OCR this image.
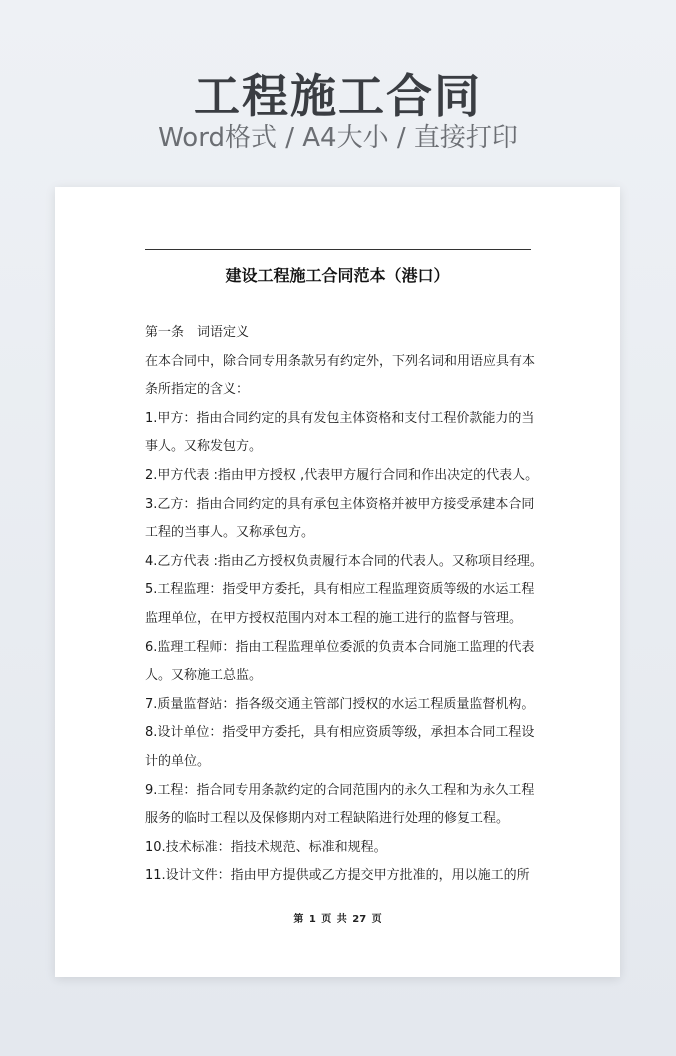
工程施工合同
Word格式 / A4大小 / 直接打印
建设工程施工合同范本（港口）

第一条　词语定义

在本合同中，除合同专用条款另有约定外，下列名词和用语应具有本

条所指定的含义：

1.甲方：指由合同约定的具有发包主体资格和支付工程价款能力的当

事人。又称发包方。

2.甲方代表 :指由甲方授权 ,代表甲方履行合同和作出决定的代表人。

3.乙方：指由合同约定的具有承包主体资格并被甲方接受承建本合同

工程的当事人。又称承包方。

4.乙方代表 :指由乙方授权负责履行本合同的代表人。又称项目经理。

5.工程监理：指受甲方委托，具有相应工程监理资质等级的水运工程

监理单位，在甲方授权范围内对本工程的施工进行的监督与管理。

6.监理工程师：指由工程监理单位委派的负责本合同施工监理的代表

人。又称施工总监。

7.质量监督站：指各级交通主管部门授权的水运工程质量监督机构。

8.设计单位：指受甲方委托，具有相应资质等级，承担本合同工程设

计的单位。

9.工程：指合同专用条款约定的合同范围内的永久工程和为永久工程

服务的临时工程以及保修期内对工程缺陷进行处理的修复工程。

10.技术标准：指技术规范、标准和规程。

11.设计文件：指由甲方提供或乙方提交甲方批准的，用以施工的所

第 1 页 共 27 页
